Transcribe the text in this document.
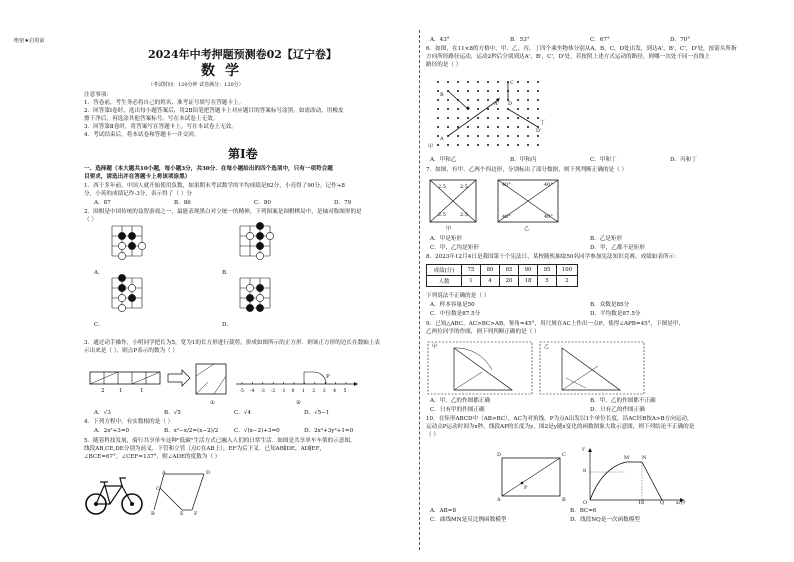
绝密★启用前
2024年中考押题预测卷02【辽宁卷】
数学
（考试时间：120分钟 试卷满分：120分）
注意事项：
1．答卷前，考生务必将自己的姓名、准考证号填写在答题卡上。
2．回答第Ⅰ卷时，选出每小题答案后，用2B铅笔把答题卡上对应题目的答案标号涂黑。如需改动，用橡皮
擦干净后，再选涂其他答案标号。写在本试卷上无效。
3．回答第Ⅱ卷时，将答案写在答题卡上。写在本试卷上无效。
4．考试结束后，将本试卷和答题卡一并交回。
第Ⅰ卷
一、选择题（本大题共10小题，每小题3分，共30分．在每小题给出的四个选项中，只有一项符合题
目要求，请选出并在答题卡上将该项涂黑）
1．西千多年前，中国人就开始使用负数，如果期末考试数学的平均成绩是82分，小亮得了90分，记作+8
分，小英的成绩记作-3分，表示得了（ ）分
A．87	B．86	C．80	D．79
2．围棋是中国传统的益智游戏之一，最能表现黑白对立统一的精神，下列图案是围棋棋局中，是轴对称图形的是
（ ）
A．
C．
B．
D．
3．通过动手操作，小明同学把长为5，宽为1的长方形进行裁剪，拼成如图所示的正方形．则该正方形的边长在数轴上表
示出来是（ ），则点P表示的数为（ ）
-5 -4 -3 -2 -1 0 1 2 3 4 5
2	1	1
①	②
P
A．√3	B．√5	C．√4	D．√5−1
4．下列方程中，有实数根的是（ ）
A．2x²+3=0	B．x²−x/2=(x−2)/2	C．√(x−2)+3=0	D．2x²+3y²+1=0
5．随着科技发展，骑行共享单车这种"低碳"生活方式已融入人们的日常生活．如图是共享单车车架的示意图，
线段AB,CE,DE分别为前叉、下管和立管（点C在AB上），EF为后下叉．已知AB∥DE，AD∥EF，
∠BCE=67°，∠CEF=137°，则∠ADE的度数为（ ）
A
B
C
D
E F
A．43°	B．53°	C．67°	D．70°
6．如图，在11×8的方格中，甲、乙、丙、丁四个乘坐物体分别从A，B，C，D处出发，到达A'，B'，C'，D'处，按箭头所指
方向所经路径运动，运动2秒后分别到达A'，B'，C'，D'处，若按照上述方式运动的路径，则哪一次处于同一直线上
路径的是（ ）
B
A'
C
D
D'
A
甲
丁
A．甲和乙	B．甲和丙	C．甲和丁	D．丙和丁
7．如图，有甲、乙两个四边形，分别标出了部分数据，则下列判断正确的是（ ）
2.5	2.5
2.5	2.5
甲
40°	40°
40°	40°
乙
A．甲是矩形	B．乙是矩形
C．甲，乙均是矩形	D．甲，乙都不是矩形
8．2023年12月4日是我国第十个宪法日，某校随机抽取50名同学参加宪法知识竞赛，成绩如表所示：
成绩(分)	75	80	85	90	95	100
人数	1	4	20	18	5	2
下列说法不正确的是（ ）
A．样本容量是50	B．众数是85分
C．中位数是87.5分	D．平均数是87.5分
9．已知△ABC，AC>BC>AB，鉴角=45°，用尺规在AC上作出一点P，使得∠APB=45°，下图是甲、
乙两位同学的作图，则下列判断正确的是（ ）
甲	乙
A．甲、乙的作图都正确	B．甲、乙的作图都不正确
C．只有甲的作图正确	D．只有乙的作图正确
10．在矩形ABCD中（AB>BC），AC为对角线，P为点A出发以1个单位长度，沿AC经B按A>B方向运动，
运动点P运动时间为x秒，线段AP的长度为y，图2是y随x变化的函数图象大致示意图，则下列结论不正确的是
（ ）
D	C
A	B
P
y
M	N
8
O	16	Q x/秒
A．AB=8	B．BC=6
C．曲线MN是反比例函数模型	D．线段NQ是一次函数模型
